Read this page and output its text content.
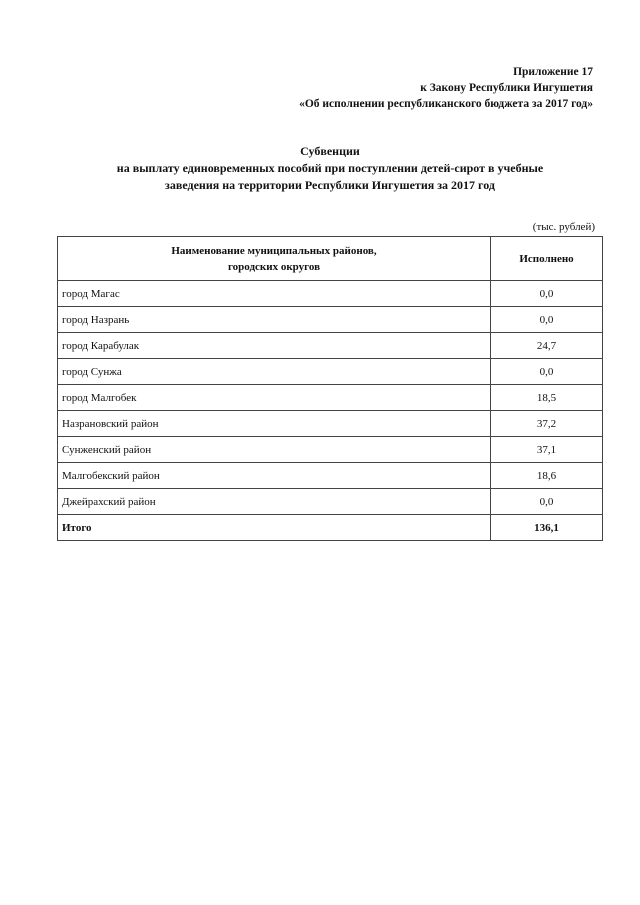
Приложение 17
к Закону Республики Ингушетия
«Об исполнении республиканского бюджета за 2017 год»
Субвенции
на выплату единовременных пособий при поступлении детей-сирот в учебные
заведения на территории Республики Ингушетия за 2017 год
(тыс. рублей)
Наименование муниципальных районов,
городских округов	Исполнено
город Магас	0,0
город Назрань	0,0
город Карабулак	24,7
город Сунжа	0,0
город Малгобек	18,5
Назрановский район	37,2
Сунженский район	37,1
Малгобекский район	18,6
Джейрахский район	0,0
Итого	136,1
